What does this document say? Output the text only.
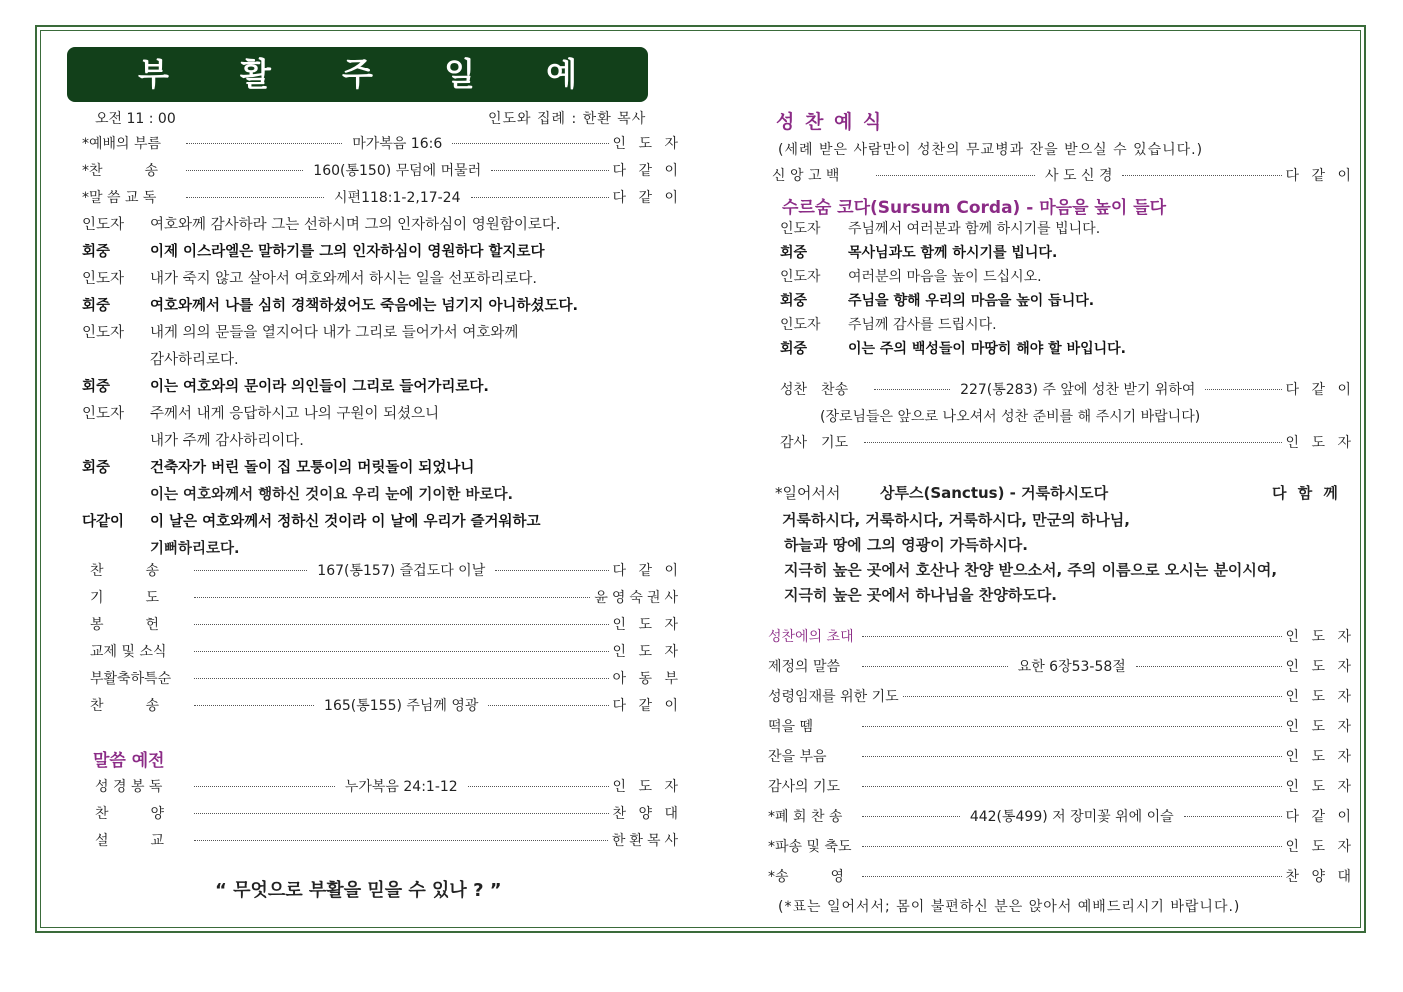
부 활 주 일 예 배
오전 11 : 00	인도와 집례 : 한환 목사
*예배의 부름	마가복음 16:6	인 도 자
*찬　　　송	160(통150) 무덤에 머물러	다 같 이
*말 씀 교 독	시편118:1-2,17-24	다 같 이
인도자 여호와께 감사하라 그는 선하시며 그의 인자하심이 영원함이로다.
회중	이제 이스라엘은 말하기를 그의 인자하심이 영원하다 할지로다
인도자 내가 죽지 않고 살아서 여호와께서 하시는 일을 선포하리로다.
회중	여호와께서 나를 심히 경책하셨어도 죽음에는 넘기지 아니하셨도다.
인도자 내게 의의 문들을 열지어다 내가 그리로 들어가서 여호와께
감사하리로다.
회중	이는 여호와의 문이라 의인들이 그리로 들어가리로다.
인도자 주께서 내게 응답하시고 나의 구원이 되셨으니
내가 주께 감사하리이다.
회중	건축자가 버린 돌이 집 모퉁이의 머릿돌이 되었나니
이는 여호와께서 행하신 것이요 우리 눈에 기이한 바로다.
다같이 이 날은 여호와께서 정하신 것이라 이 날에 우리가 즐거워하고
기뻐하리로다.
찬　　　송	167(통157) 즐겁도다 이날	다 같 이
기　　　도	윤영숙권사
봉　　　헌	인 도 자
교제 및 소식	인 도 자
부활축하특순	아 동 부
찬　　　송	165(통155) 주님께 영광	다 같 이
말씀 예전
성 경 봉 독	누가복음 24:1-12	인 도 자
찬　　　양	찬 양 대
설　　　교	한환목사
“ 무엇으로 부활을 믿을 수 있나 ? ”
성 찬 예 식
(세례 받은 사람만이 성찬의 무교병과 잔을 받으실 수 있습니다.)
신 앙 고 백	사 도 신 경	다 같 이
수르숨 코다(Sursum Corda) - 마음을 높이 들다
인도자 주님께서 여러분과 함께 하시기를 빕니다.
회중	목사님과도 함께 하시기를 빕니다.
인도자 여러분의 마음을 높이 드십시오.
회중	주님을 향해 우리의 마음을 높이 듭니다.
인도자 주님께 감사를 드립시다.
회중	이는 주의 백성들이 마땅히 해야 할 바입니다.
성찬　찬송	227(통283) 주 앞에 성찬 받기 위하여	다 같 이
(장로님들은 앞으로 나오셔서 성찬 준비를 해 주시기 바랍니다)
감사　기도	인 도 자
*일어서서	상투스(Sanctus) - 거룩하시도다	다 함 께
거룩하시다, 거룩하시다, 거룩하시다, 만군의 하나님,
하늘과 땅에 그의 영광이 가득하시다.
지극히 높은 곳에서 호산나 찬양 받으소서, 주의 이름으로 오시는 분이시여,
지극히 높은 곳에서 하나님을 찬양하도다.
성찬에의 초대	인 도 자
제정의 말씀	요한 6장53-58절	인 도 자
성령임재를 위한 기도	인 도 자
떡을 뗌	인 도 자
잔을 부음	인 도 자
감사의 기도	인 도 자
*폐 회 찬 송	442(통499) 저 장미꽃 위에 이슬	다 같 이
*파송 및 축도	인 도 자
*송　　　영	찬 양 대
(*표는 일어서서; 몸이 불편하신 분은 앉아서 예배드리시기 바랍니다.)
